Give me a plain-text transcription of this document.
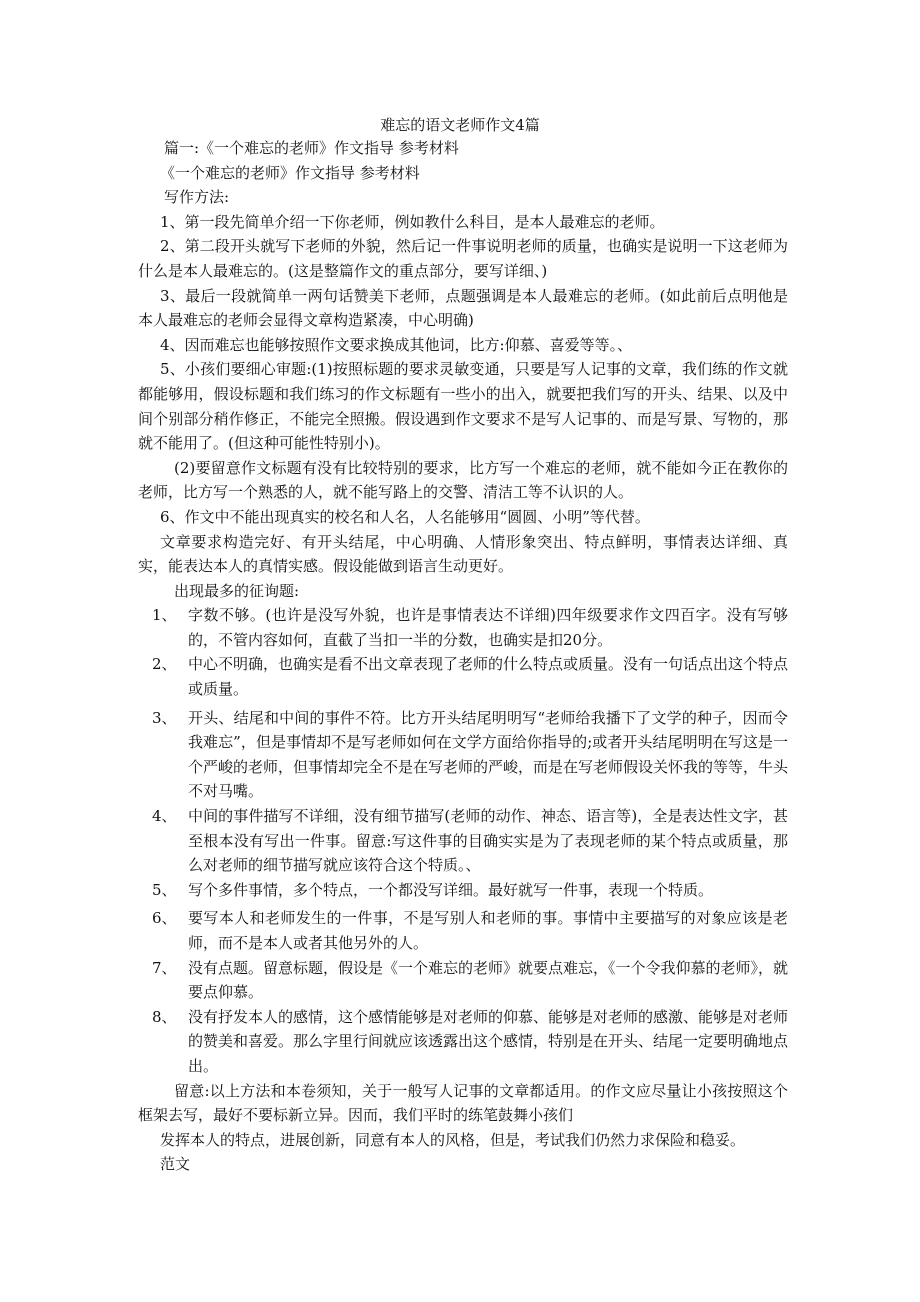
难忘的语文老师作文4篇

篇一:《一个难忘的老师》作文指导 参考材料

《一个难忘的老师》作文指导 参考材料

写作方法:

1、第一段先简单介绍一下你老师，例如教什么科目，是本人最难忘的老师。

2、第二段开头就写下老师的外貌，然后记一件事说明老师的质量，也确实是说明一下这老师为什么是本人最难忘的。(这是整篇作文的重点部分，要写详细、)

3、最后一段就简单一两句话赞美下老师，点题强调是本人最难忘的老师。(如此前后点明他是本人最难忘的老师会显得文章构造紧凑，中心明确)

4、因而难忘也能够按照作文要求换成其他词，比方:仰慕、喜爱等等。、

5、小孩们要细心审题:(1)按照标题的要求灵敏变通，只要是写人记事的文章，我们练的作文就都能够用，假设标题和我们练习的作文标题有一些小的出入，就要把我们写的开头、结果、以及中间个别部分稍作修正，不能完全照搬。假设遇到作文要求不是写人记事的、而是写景、写物的，那就不能用了。(但这种可能性特别小)。

(2)要留意作文标题有没有比较特别的要求，比方写一个难忘的老师，就不能如今正在教你的老师，比方写一个熟悉的人，就不能写路上的交警、清洁工等不认识的人。

6、作文中不能出现真实的校名和人名，人名能够用“圆圆、小明”等代替。

文章要求构造完好、有开头结尾，中心明确、人情形象突出、特点鲜明，事情表达详细、真实，能表达本人的真情实感。假设能做到语言生动更好。

出现最多的征询题:

1、 字数不够。(也许是没写外貌，也许是事情表达不详细)四年级要求作文四百字。没有写够的，不管内容如何，直截了当扣一半的分数，也确实是扣20分。
2、 中心不明确，也确实是看不出文章表现了老师的什么特点或质量。没有一句话点出这个特点或质量。
3、 开头、结尾和中间的事件不符。比方开头结尾明明写“老师给我播下了文学的种子，因而令我难忘”，但是事情却不是写老师如何在文学方面给你指导的;或者开头结尾明明在写这是一个严峻的老师，但事情却完全不是在写老师的严峻，而是在写老师假设关怀我的等等，牛头不对马嘴。
4、 中间的事件描写不详细，没有细节描写(老师的动作、神态、语言等)，全是表达性文字，甚至根本没有写出一件事。留意:写这件事的目确实实是为了表现老师的某个特点或质量，那么对老师的细节描写就应该符合这个特质。、
5、 写个多件事情，多个特点，一个都没写详细。最好就写一件事，表现一个特质。
6、 要写本人和老师发生的一件事，不是写别人和老师的事。事情中主要描写的对象应该是老师，而不是本人或者其他另外的人。
7、 没有点题。留意标题，假设是《一个难忘的老师》就要点难忘，《一个令我仰慕的老师》，就要点仰慕。
8、 没有抒发本人的感情，这个感情能够是对老师的仰慕、能够是对老师的感激、能够是对老师的赞美和喜爱。那么字里行间就应该透露出这个感情，特别是在开头、结尾一定要明确地点出。

留意:以上方法和本卷须知，关于一般写人记事的文章都适用。的作文应尽量让小孩按照这个框架去写，最好不要标新立异。因而，我们平时的练笔鼓舞小孩们

发挥本人的特点，进展创新，同意有本人的风格，但是，考试我们仍然力求保险和稳妥。

范文
